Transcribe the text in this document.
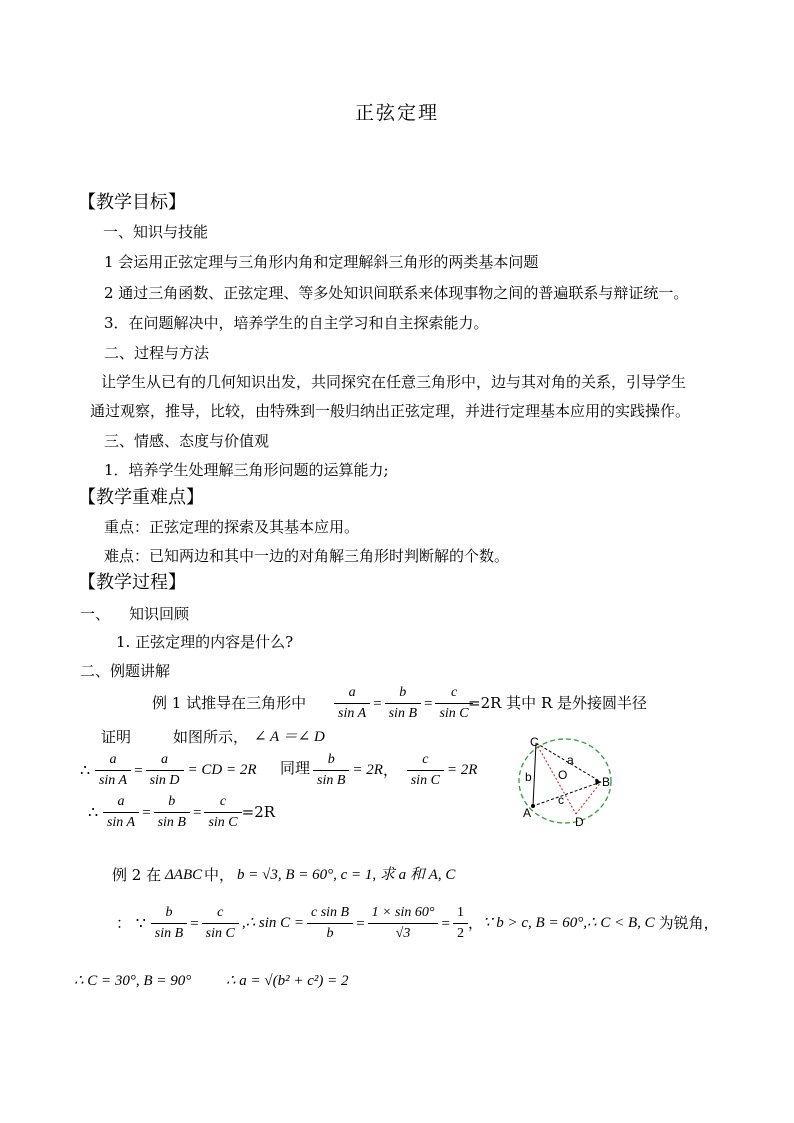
正弦定理
【教学目标】
一、知识与技能
1 会运用正弦定理与三角形内角和定理解斜三角形的两类基本问题
2 通过三角函数、正弦定理、等多处知识间联系来体现事物之间的普遍联系与辩证统一。
3．在问题解决中，培养学生的自主学习和自主探索能力。
二、过程与方法
让学生从已有的几何知识出发，共同探究在任意三角形中，边与其对角的关系，引导学生
通过观察，推导，比较，由特殊到一般归纳出正弦定理，并进行定理基本应用的实践操作。
三、情感、态度与价值观
1．培养学生处理解三角形问题的运算能力;
【教学重难点】
重点：正弦定理的探索及其基本应用。
难点：已知两边和其中一边的对角解三角形时判断解的个数。
【教学过程】
一、 知识回顾
1. 正弦定理的内容是什么?
二、例题讲解
例 1 试推导在三角形中 $\frac{a}{\text{sin A}} = \frac{b}{\text{sin B}} = \frac{c}{\text{sin C}}$
=2R 其中 R 是外接圆半径
证明	如图所示， ∠ A ＝∠ D
∴ $\frac{a}{\text{sin A}} = \frac{a}{\text{sin D}}$ = CD = 2R 同理 $\frac{b}{\text{sin B}} = 2R$， $\frac{c}{\text{sin C}} = 2R$
∴ $\frac{a}{\text{sin A}} = \frac{b}{\text{sin B}} = \frac{c}{\text{sin C}} =2R$
C
a
b O	B
c
A
D
例 2 在 ΔABC 中， b = √3, B = 60°, c = 1, 求 a 和 A, C
： ∵ $\frac{b}{\text{sin B}} = \frac{c}{\text{sin C}}$ ,∴ $\sin C = \frac{\text{c sin B}}{b} = \frac{1 \times \sin 60^\circ}{√3} = \frac{1}{2}$ ，∵ b > c, B = 60°,∴ C < B, C 为锐角，
∴ C = 30°, B = 90° ∴ a = √(b² + c²) = 2
